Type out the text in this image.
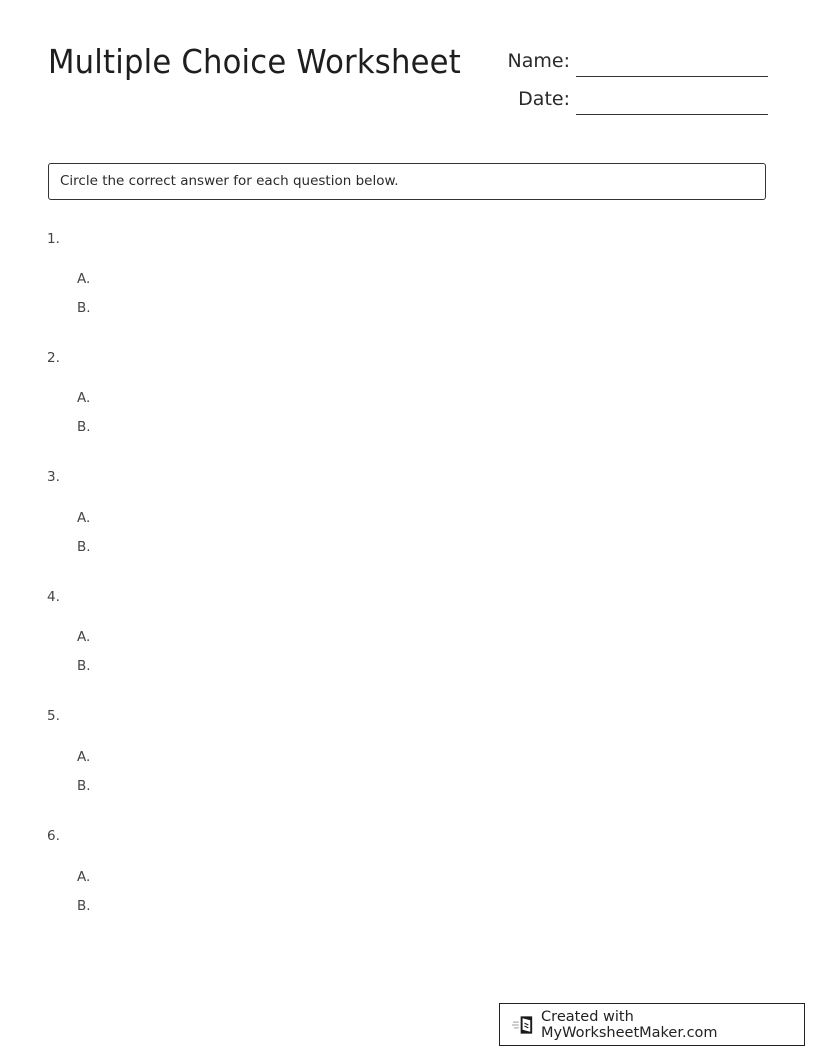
Multiple Choice Worksheet	Name:
Date:
Circle the correct answer for each question below.
1.
A.
B.
2.
A.
B.
3.
A.
B.
4.
A.
B.
5.
A.
B.
6.
A.
B.
Created with MyWorksheetMaker.com
